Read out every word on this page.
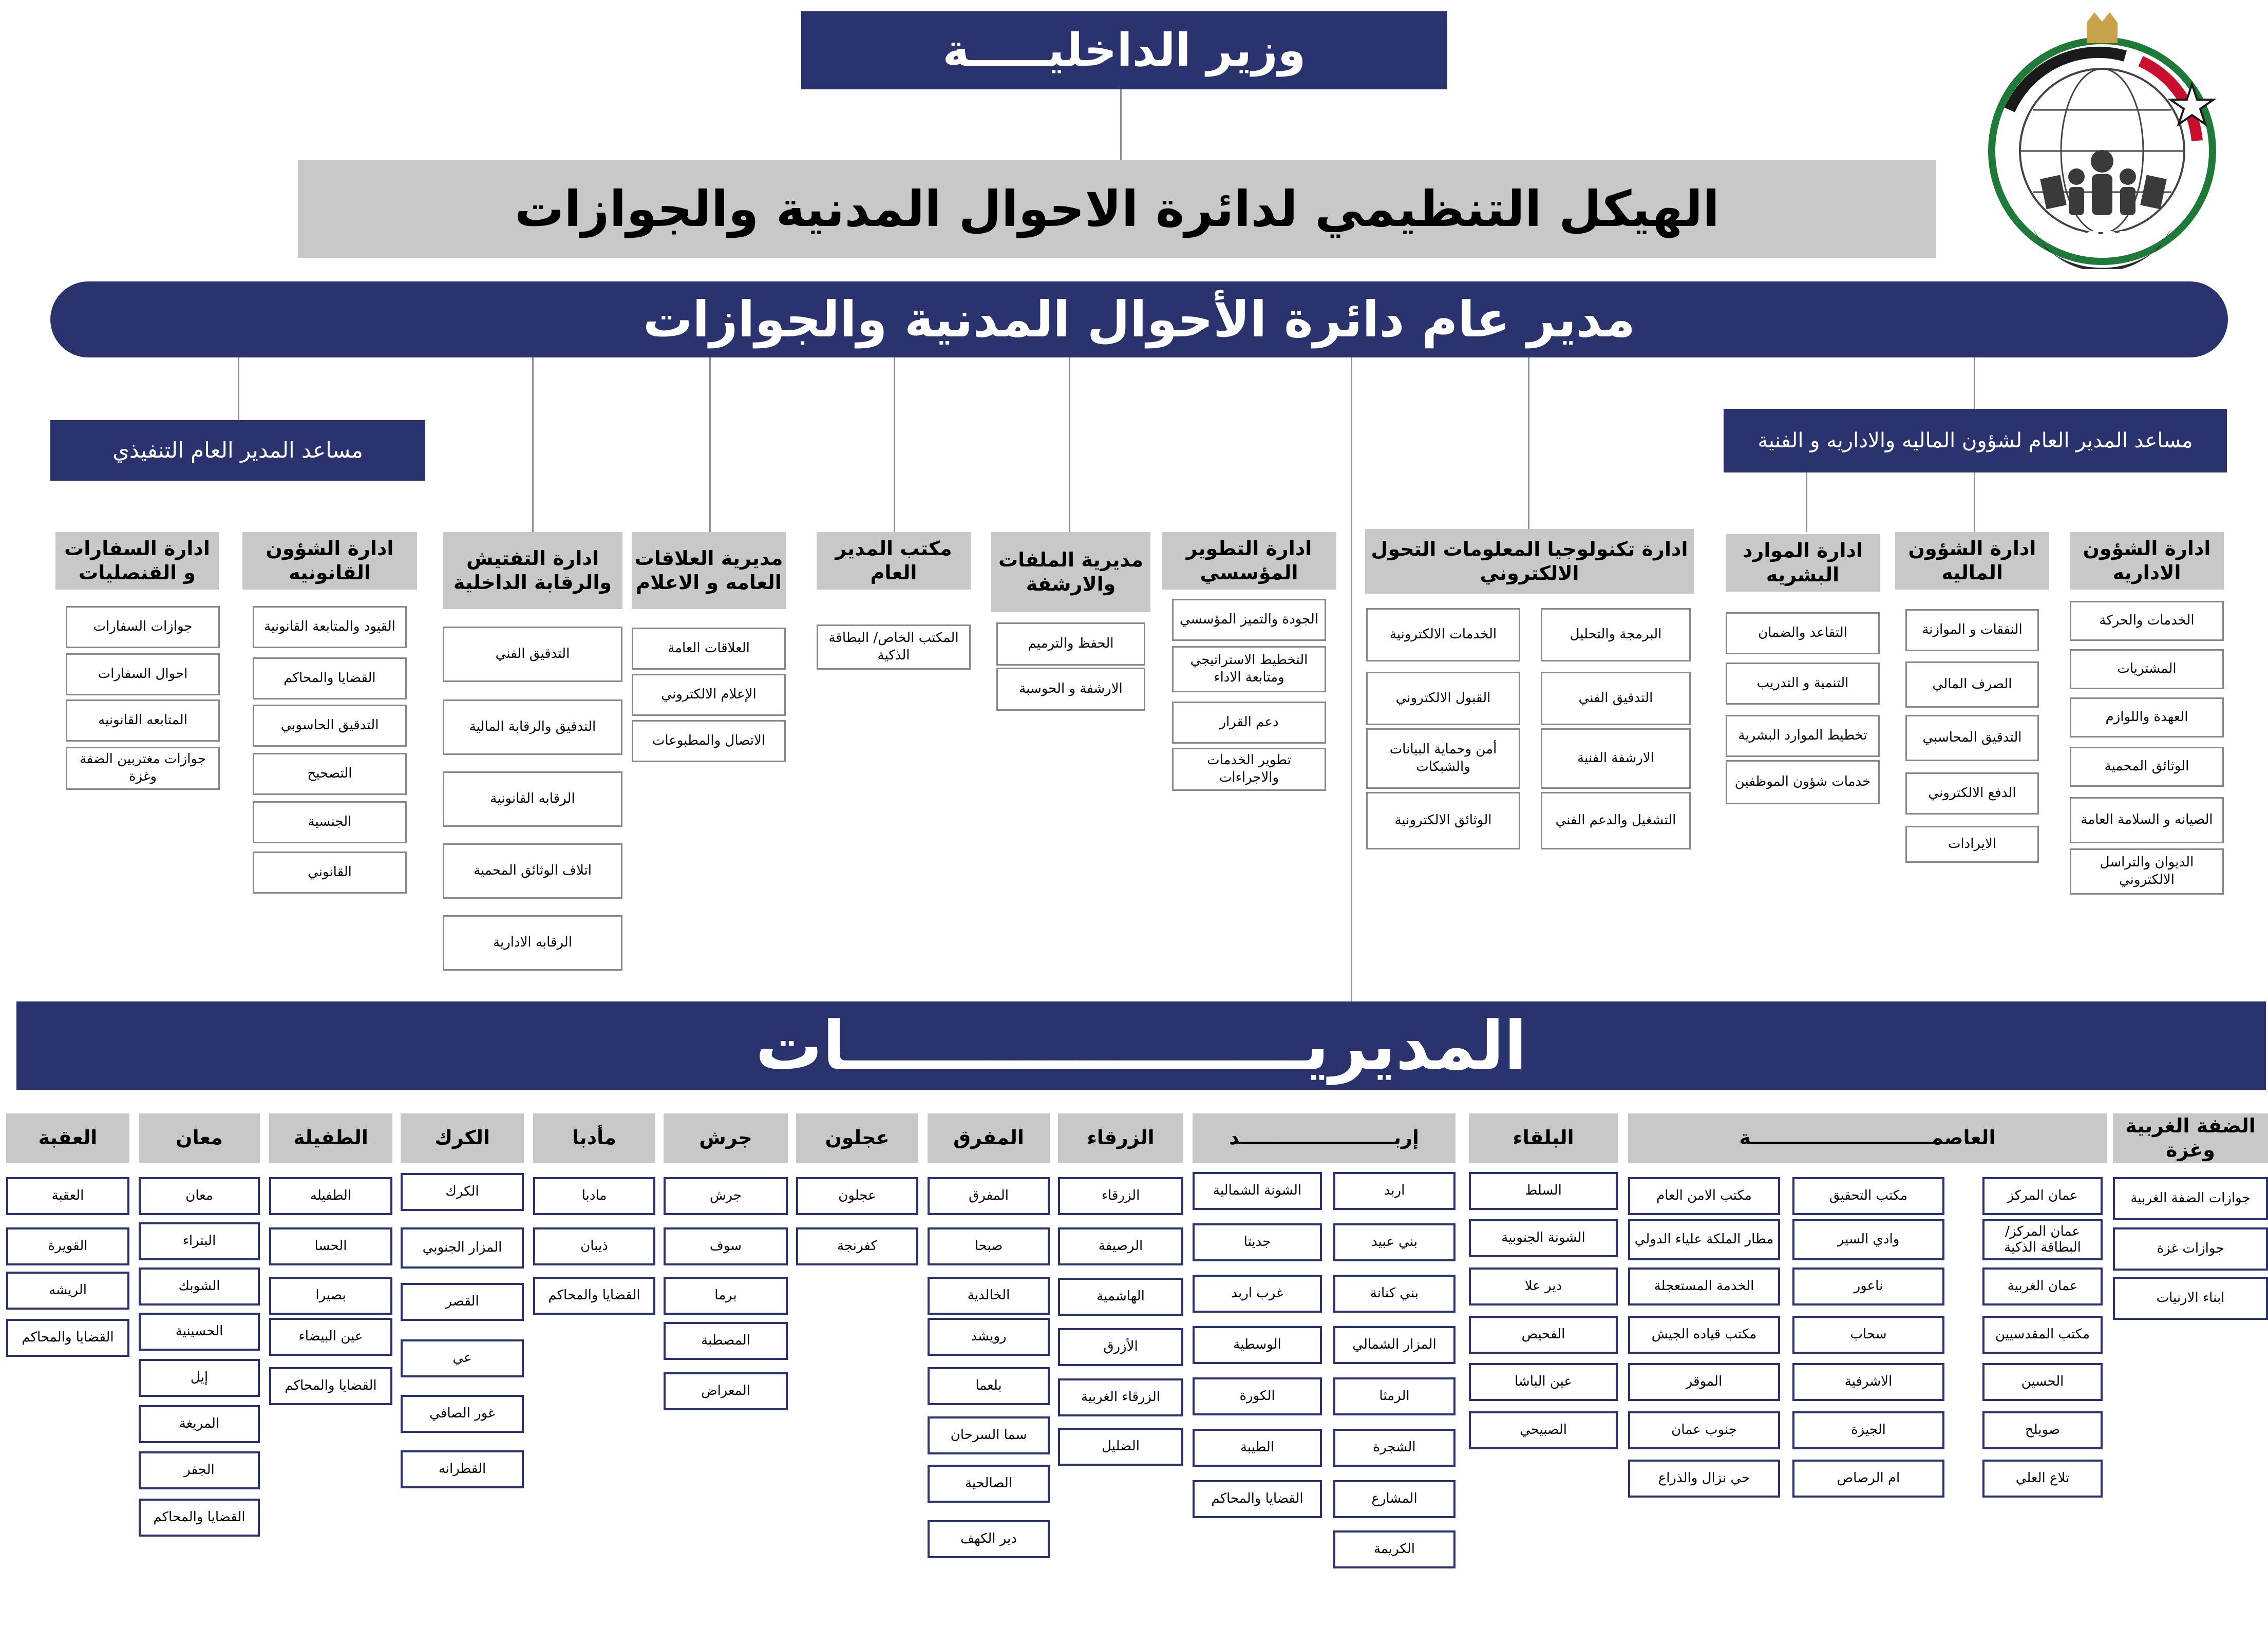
CSPD
وزير الداخليـــــة
الهيكل التنظيمي لدائرة الاحوال المدنية والجوازات
مدير عام دائرة الأحوال المدنية والجوازات
مساعد المدير العام التنفيذي	مساعد المدير العام لشؤون الماليه والاداريه و الفنية
ادارة الشؤون الاداريه
الخدمات والحركة
المشتريات
العهدة واللوازم
الوثائق المحمية
الصيانه و السلامة العامة
الديوان والتراسل الالكتروني
ادارة الشؤون الماليه
النفقات و الموازنة
الصرف المالي
التدقيق المحاسبي
الدفع الالكتروني
الايرادات
ادارة الموارد البشريه
التقاعد والضمان
التنمية و التدريب
تخطيط الموارد البشرية
خدمات شؤون الموظفين
ادارة تكنولوجيا المعلومات التحول الالكتروني
البرمجة والتحليل
الخدمات الالكترونية
التدقيق الفني
القبول الالكتروني
الارشفة الفنية
أمن وحماية البيانات والشبكات
التشغيل والدعم الفني
الوثائق الالكترونية
ادارة التطوير المؤسسي
الجودة والتميز المؤسسي
التخطيط الاستراتيجي ومتابعة الاداء
دعم القرار
تطوير الخدمات والاجراءات
مديرية الملفات والارشفة
الحفظ والترميم
الارشفة و الحوسبة
مكتب المدير العام
المكتب الخاص/ البطاقة الذكية
مديرية العلاقات العامه و الاعلام
العلاقات العامة
الإعلام الالكتروني
الاتصال والمطبوعات
ادارة التفتيش والرقابة الداخلية
التدقيق الفني
التدقيق والرقابة المالية
الرقابه القانونية
اتلاف الوثائق المحمية
الرقابه الادارية
ادارة الشؤون القانونيه
القيود والمتابعة القانونية
القضايا والمحاكم
التدقيق الحاسوبي
التصحيح
الجنسية
القانوني
ادارة السفارات و القنصليات
جوازات السفارات
احوال السفارات
المتابعه القانونيه
جوازات مغتربين الضفة وغزة
المديريــــــــــــــــــــات
الضفة الغربية وغزة
جوازات الضفة الغربية
جوازات غزة
ابناء الارنيات
العاصمـــــــــــــــــــــــــــة
عمان المركز
عمان المركز/ البطاقة الذكية
عمان الغربية
مكتب المقدسيين
الحسين
صويلح
تلاع العلي
مكتب التحقيق
وادي السير
ناعور
سحاب
الاشرفية
الجيزة
ام الرصاص
مكتب الامن العام
مطار الملكة علياء الدولي
الخدمة المستعجلة
مكتب قياده الجيش
الموقر
جنوب عمان
حي نزال والذراع
البلقاء
السلط
الشونة الجنوبية
دير علا
الفحيص
عين الباشا
الصبيحي
إربـــــــــــــــــــــــد
اربد
بني عبيد
بني كنانة
المزار الشمالي
الرمثا
الشجرة
المشارع
الكريمة
الشونة الشمالية
جديتا
غرب اربد
الوسطية
الكورة
الطيبة
القضايا والمحاكم
الزرقاء
الزرقاء
الرصيفة
الهاشمية
الأزرق
الزرقاء الغربية
الضليل
المفرق
المفرق
صبحا
الخالدية
رويشد
بلعما
سما السرحان
الصالحية
دير الكهف
عجلون
عجلون
كفرنجة
جرش
جرش
سوف
برما
المصطبة
المعراض
مأدبا
مادبا
ذيبان
القضايا والمحاكم
الكرك
الكرك
المزار الجنوبي
القصر
عي
غور الصافي
القطرانه
الطفيلة
الطفيله
الحسا
بصيرا
عين البيضاء
القضايا والمحاكم
معان
معان
البتراء
الشوبك
الحسينية
إيل
المريغة
الجفر
القضايا والمحاكم
العقبة
العقبة
القويرة
الريشه
القضايا والمحاكم
